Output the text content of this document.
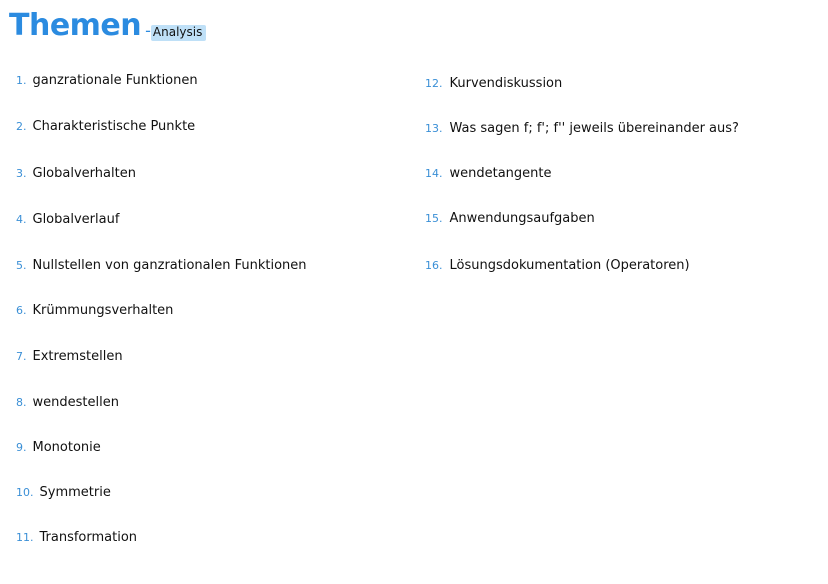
Themen - Analysis
1. ganzrationale Funktionen
2. Charakteristische Punkte
3. Globalverhalten
4. Globalverlauf
5. Nullstellen von ganzrationalen Funktionen
6. Krümmungsverhalten
7. Extremstellen
8. wendestellen
9. Monotonie
10. Symmetrie
11. Transformation
12. Kurvendiskussion
13. Was sagen f; f'; f'' jeweils übereinander aus?
14. wendetangente
15. Anwendungsaufgaben
16. Lösungsdokumentation (Operatoren)
